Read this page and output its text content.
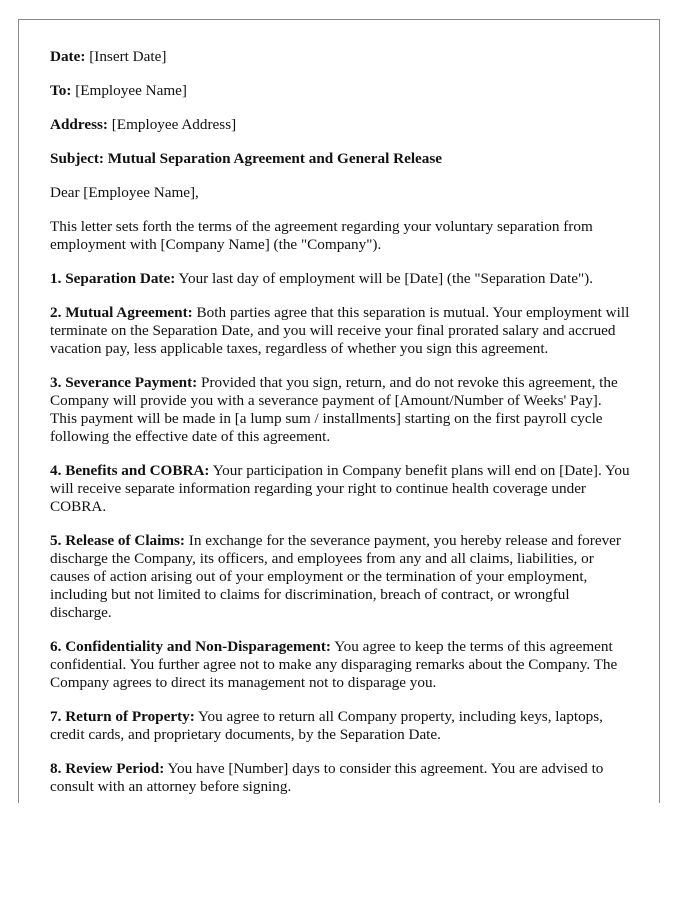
Date: [Insert Date]

To: [Employee Name]

Address: [Employee Address]

Subject: Mutual Separation Agreement and General Release

Dear [Employee Name],

This letter sets forth the terms of the agreement regarding your voluntary separation from employment with [Company Name] (the "Company").

1. Separation Date: Your last day of employment will be [Date] (the "Separation Date").

2. Mutual Agreement: Both parties agree that this separation is mutual. Your employment will terminate on the Separation Date, and you will receive your final prorated salary and accrued vacation pay, less applicable taxes, regardless of whether you sign this agreement.

3. Severance Payment: Provided that you sign, return, and do not revoke this agreement, the Company will provide you with a severance payment of [Amount/Number of Weeks' Pay]. This payment will be made in [a lump sum / installments] starting on the first payroll cycle following the effective date of this agreement.

4. Benefits and COBRA: Your participation in Company benefit plans will end on [Date]. You will receive separate information regarding your right to continue health coverage under COBRA.

5. Release of Claims: In exchange for the severance payment, you hereby release and forever discharge the Company, its officers, and employees from any and all claims, liabilities, or causes of action arising out of your employment or the termination of your employment, including but not limited to claims for discrimination, breach of contract, or wrongful discharge.

6. Confidentiality and Non-Disparagement: You agree to keep the terms of this agreement confidential. You further agree not to make any disparaging remarks about the Company. The Company agrees to direct its management not to disparage you.

7. Return of Property: You agree to return all Company property, including keys, laptops, credit cards, and proprietary documents, by the Separation Date.

8. Review Period: You have [Number] days to consider this agreement. You are advised to consult with an attorney before signing.
